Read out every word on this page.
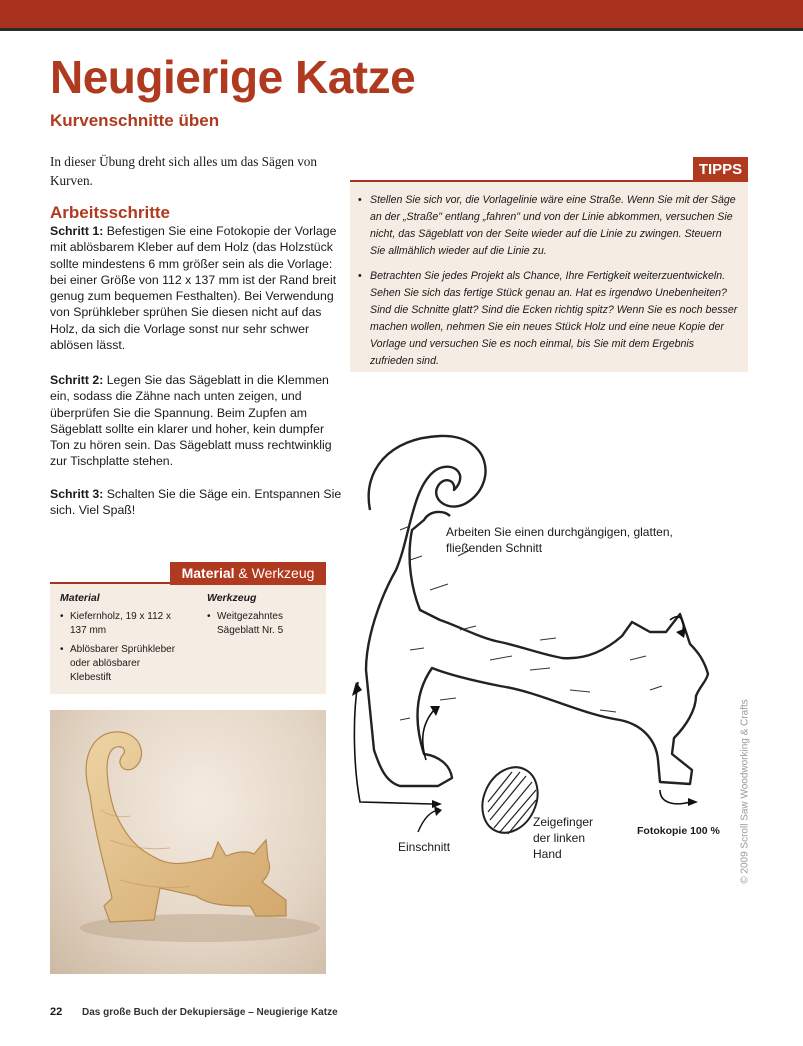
Neugierige Katze
Kurvenschnitte üben

In dieser Übung dreht sich alles um das Sägen von Kurven.

Arbeitsschritte

Schritt 1: Befestigen Sie eine Fotokopie der Vorlage mit ablösbarem Kleber auf dem Holz (das Holzstück sollte mindestens 6 mm größer sein als die Vorlage: bei einer Größe von 112 x 137 mm ist der Rand breit genug zum bequemen Festhalten). Bei Verwendung von Sprühkleber sprühen Sie diesen nicht auf das Holz, da sich die Vorlage sonst nur sehr schwer ablösen lässt.

Schritt 2: Legen Sie das Sägeblatt in die Klemmen ein, sodass die Zähne nach unten zeigen, und überprüfen Sie die Spannung. Beim Zupfen am Sägeblatt sollte ein klarer und hoher, kein dumpfer Ton zu hören sein. Das Sägeblatt muss rechtwinklig zur Tischplatte stehen.

Schritt 3: Schalten Sie die Säge ein. Entspannen Sie sich. Viel Spaß!

TIPPS
• Stellen Sie sich vor, die Vorlagelinie wäre eine Straße. Wenn Sie mit der Säge an der „Straße" entlang „fahren" und von der Linie abkommen, versuchen Sie nicht, das Sägeblatt von der Seite wieder auf die Linie zu zwingen. Steuern Sie allmählich wieder auf die Linie zu.
• Betrachten Sie jedes Projekt als Chance, Ihre Fertigkeit weiterzuentwickeln. Sehen Sie sich das fertige Stück genau an. Hat es irgendwo Unebenheiten? Sind die Schnitte glatt? Sind die Ecken richtig spitz? Wenn Sie es noch besser machen wollen, nehmen Sie ein neues Stück Holz und eine neue Kopie der Vorlage und versuchen Sie es noch einmal, bis Sie mit dem Ergebnis zufrieden sind.
Material & Werkzeug

Material

• Kiefernholz, 19 x 112 x 137 mm
• Ablösbarer Sprühkleber oder ablösbarer Klebestift

Werkzeug

• Weitgezahntes Sägeblatt Nr. 5

Arbeiten Sie einen durchgängigen, glatten, fließenden Schnitt

Einschnitt

Zeigefinger

der linken

Hand

Fotokopie 100 % © 2009 Scroll Saw Woodworking & Crafts
22 Das große Buch der Dekupiersäge – Neugierige Katze
